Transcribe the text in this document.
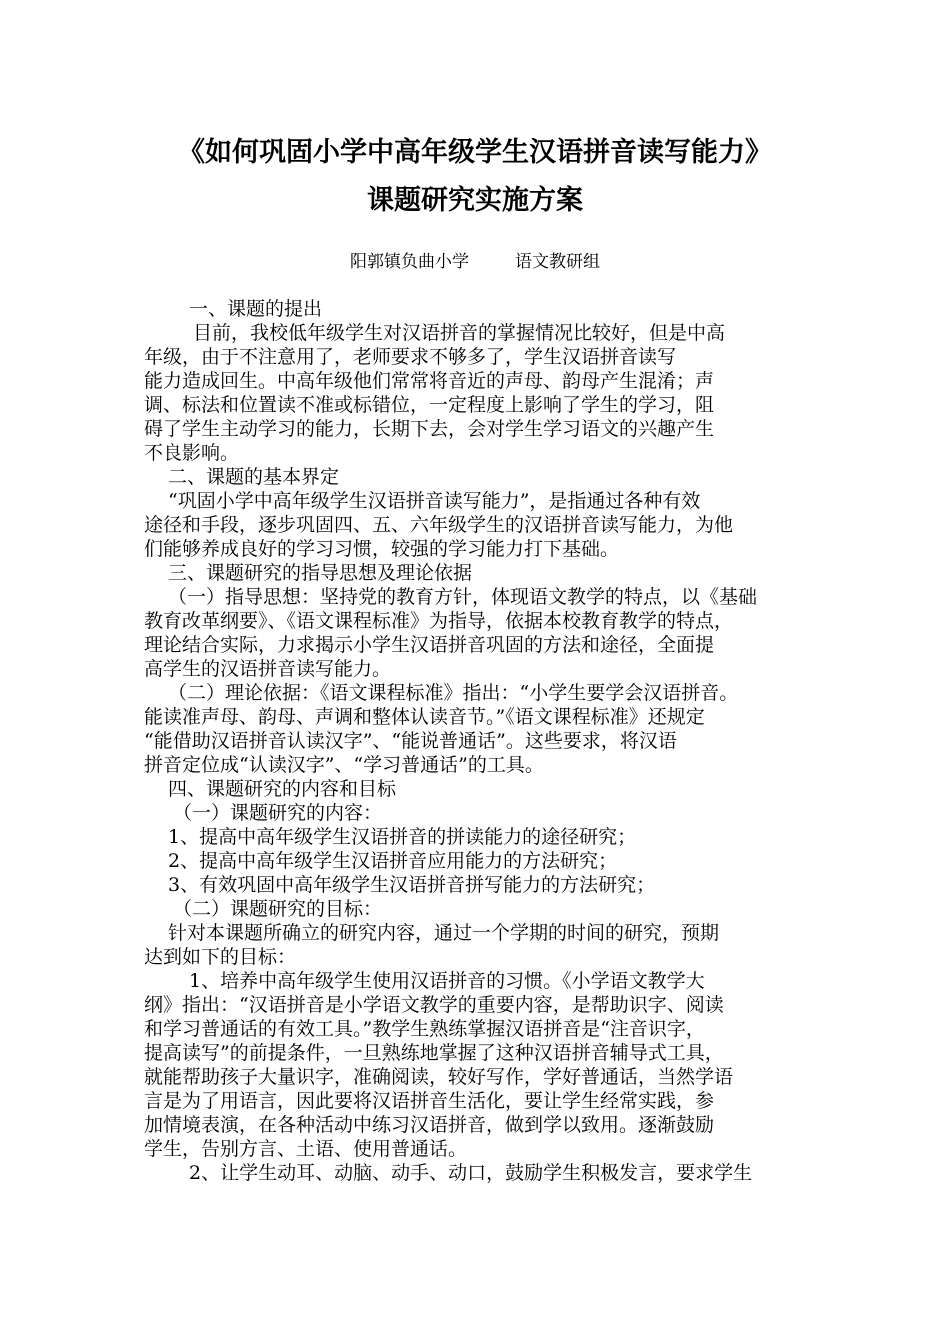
《如何巩固小学中高年级学生汉语拼音读写能力》
课题研究实施方案
阳郭镇负曲小学	语文教研组

一、课题的提出

目前，我校低年级学生对汉语拼音的掌握情况比较好，但是中高

年级，由于不注意用了，老师要求不够多了，学生汉语拼音读写

能力造成回生。中高年级他们常常将音近的声母、韵母产生混淆；声

调、标法和位置读不准或标错位，一定程度上影响了学生的学习，阻

碍了学生主动学习的能力，长期下去，会对学生学习语文的兴趣产生

不良影响。

二、课题的基本界定

“巩固小学中高年级学生汉语拼音读写能力”，是指通过各种有效

途径和手段，逐步巩固四、五、六年级学生的汉语拼音读写能力，为他

们能够养成良好的学习习惯，较强的学习能力打下基础。

三、课题研究的指导思想及理论依据

（一）指导思想：坚持党的教育方针，体现语文教学的特点，以《基础

教育改革纲要》、《语文课程标准》为指导，依据本校教育教学的特点，

理论结合实际，力求揭示小学生汉语拼音巩固的方法和途径，全面提

高学生的汉语拼音读写能力。

（二）理论依据：《语文课程标准》指出：“小学生要学会汉语拼音。

能读准声母、韵母、声调和整体认读音节。”《语文课程标准》还规定

“能借助汉语拼音认读汉字”、“能说普通话”。这些要求，将汉语

拼音定位成“认读汉字”、“学习普通话”的工具。

四、课题研究的内容和目标

（一）课题研究的内容：

1、提高中高年级学生汉语拼音的拼读能力的途径研究；

2、提高中高年级学生汉语拼音应用能力的方法研究；

3、有效巩固中高年级学生汉语拼音拼写能力的方法研究；

（二）课题研究的目标：

针对本课题所确立的研究内容，通过一个学期的时间的研究，预期

达到如下的目标：

1、培养中高年级学生使用汉语拼音的习惯。《小学语文教学大

纲》指出：“汉语拼音是小学语文教学的重要内容，是帮助识字、阅读

和学习普通话的有效工具。”教学生熟练掌握汉语拼音是“注音识字，

提高读写”的前提条件，一旦熟练地掌握了这种汉语拼音辅导式工具，

就能帮助孩子大量识字，准确阅读，较好写作，学好普通话，当然学语

言是为了用语言，因此要将汉语拼音生活化，要让学生经常实践，参

加情境表演，在各种活动中练习汉语拼音，做到学以致用。逐渐鼓励

学生，告别方言、土语、使用普通话。

2、让学生动耳、动脑、动手、动口，鼓励学生积极发言，要求学生
